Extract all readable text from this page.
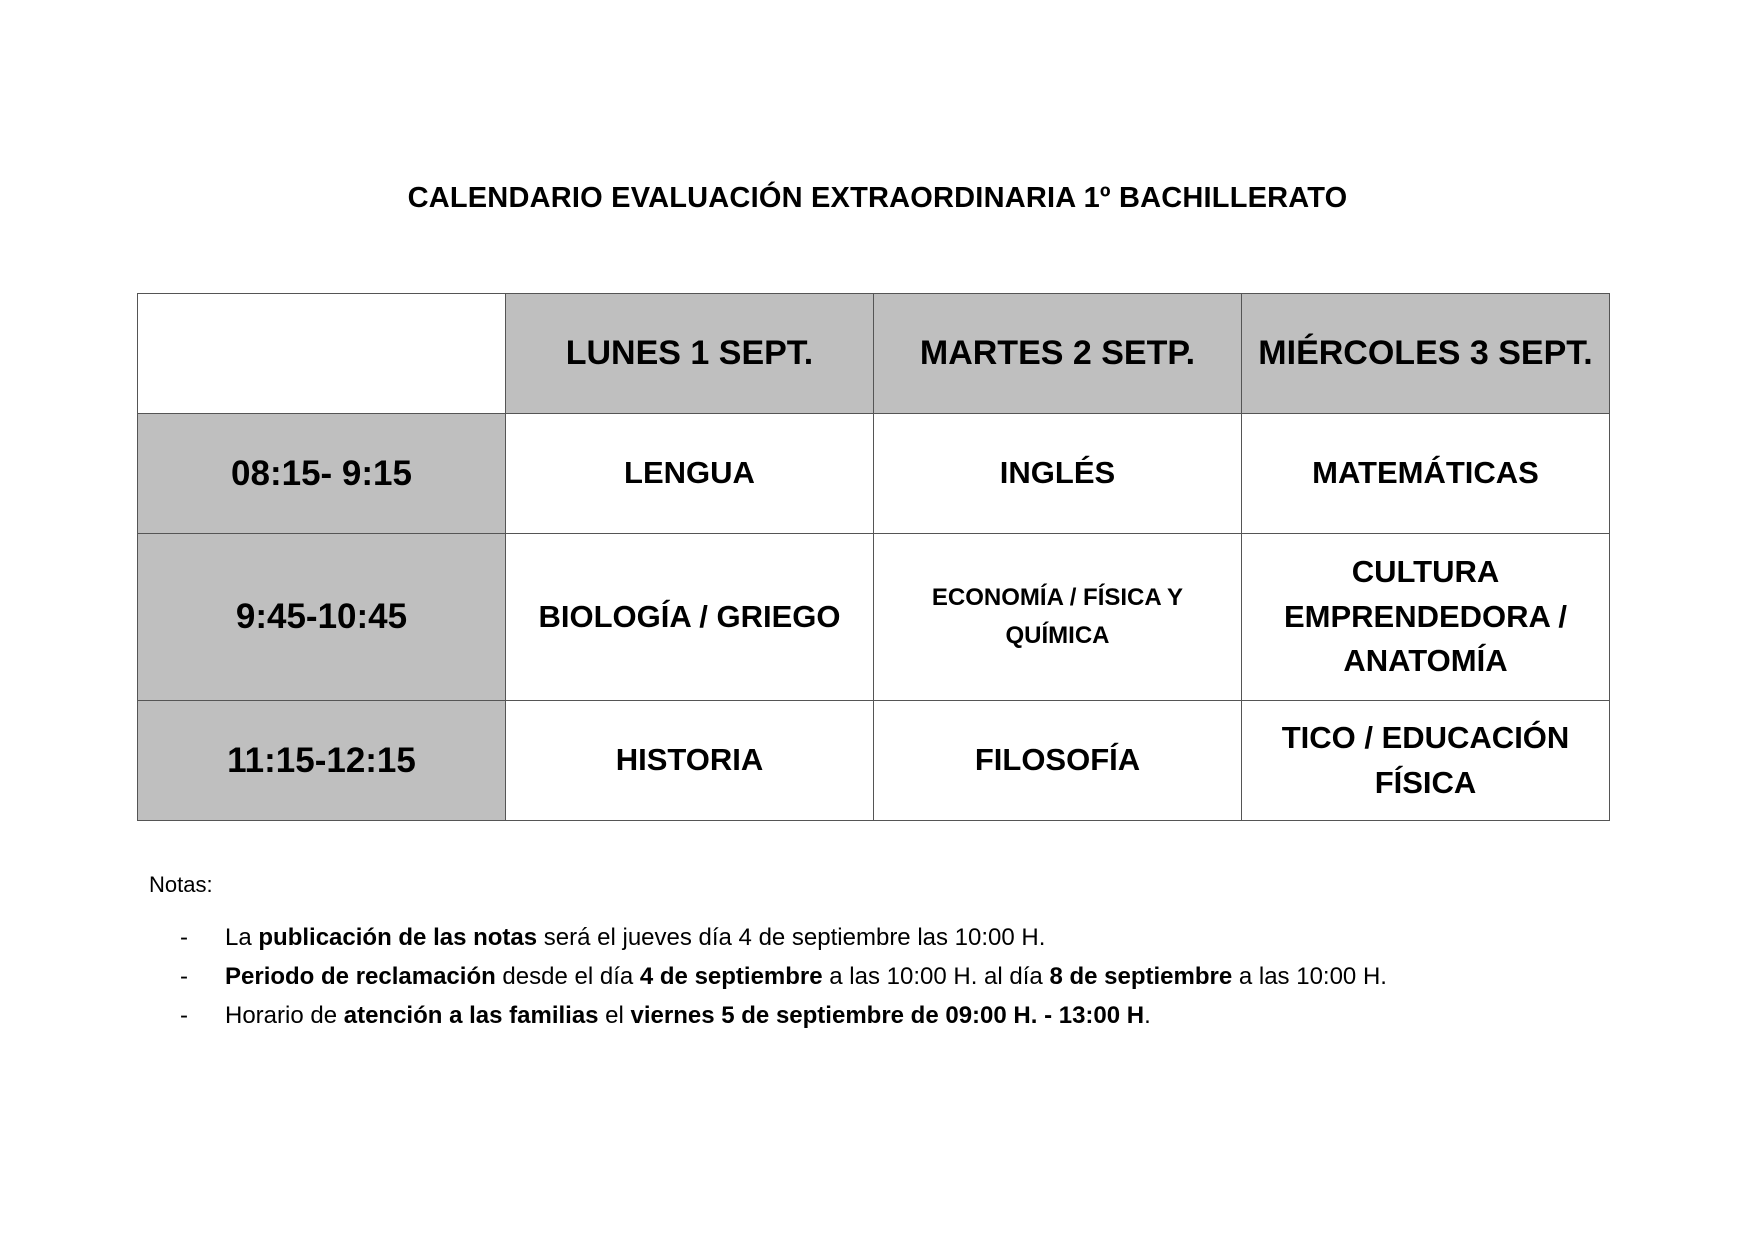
CALENDARIO EVALUACIÓN EXTRAORDINARIA 1º BACHILLERATO
	LUNES 1 SEPT.	MARTES 2 SETP.	MIÉRCOLES 3 SEPT.
08:15- 9:15	LENGUA	INGLÉS	MATEMÁTICAS
9:45-10:45	BIOLOGÍA / GRIEGO	ECONOMÍA / FÍSICA Y QUÍMICA	CULTURA EMPRENDEDORA / ANATOMÍA
11:15-12:15	HISTORIA	FILOSOFÍA	TICO / EDUCACIÓN FÍSICA

Notas:

- La publicación de las notas será el jueves día 4 de septiembre las 10:00 H.
- Periodo de reclamación desde el día 4 de septiembre a las 10:00 H. al día 8 de septiembre a las 10:00 H.
- Horario de atención a las familias el viernes 5 de septiembre de 09:00 H. - 13:00 H.
